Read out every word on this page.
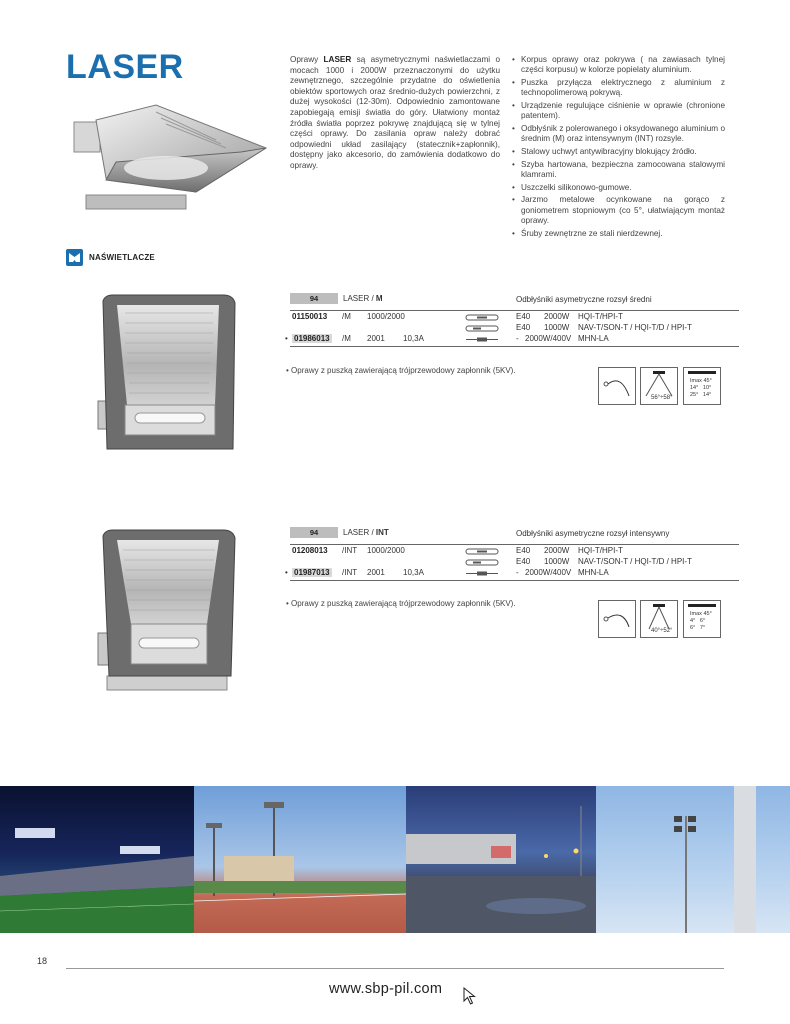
LASER	Oprawy LASER są asymetrycznymi naświetlaczami o mocach 1000 i 2000W przeznaczonymi do użytku zewnętrznego, szczególnie przydatne do oświetlenia obiektów sportowych oraz średnio-dużych powierzchni, z dużej wysokości (12-30m). Odpowiednio zamontowane zapobiegają emisji światła do góry. Ułatwiony montaż źródła światła poprzez pokrywę znajdującą się w tylnej części oprawy. Do zasilania opraw należy dobrać odpowiedni układ zasilający (statecznik+zapłonnik), dostępny jako akcesorio, do zamówienia dodatkowo do oprawy.
• Korpus oprawy oraz pokrywa ( na zawiasach tylnej części korpusu) w kolorze popielaty aluminium.
• Puszka przyłącza elektrycznego z aluminium z technopolimerową pokrywą.
• Urządzenie regulujące ciśnienie w oprawie (chronione patentem).
• Odbłyśnik z polerowanego i oksydowanego aluminium o średnim (M) oraz intensywnym (INT) rozsyle.
• Stalowy uchwyt antywibracyjny blokujący źródło.
• Szyba hartowana, bezpieczna zamocowana stalowymi klamrami.
• Uszczelki silikonowo-gumowe.
• Jarzmo metalowe ocynkowane na gorąco z goniometrem stopniowym (co 5°, ułatwiającym montaż oprawy.
• Śruby zewnętrzne ze stali nierdzewnej.
NAŚWIETLACZE
94	LASER / M	Odbłyśniki asymetryczne rozsył średni
01150013 /M 1000/2000	E40 2000W HQI-T/HPI-T
E40 1000W NAV-T/SON-T / HQI-T/D / HPI-T
• 01986013 /M 2001 10,3A	- 2000W/400V MHN-LA
• Oprawy z puszką zawierającą trójprzewodowy zapłonnik (5KV).
56°÷58°
Imax 45°
14° 10°
25° 14°
94	LASER / INT	Odbłyśniki asymetryczne rozsył intensywny
01208013 /INT 1000/2000	E40 2000W HQI-T/HPI-T
E40 1000W NAV-T/SON-T / HQI-T/D / HPI-T
• 01987013 /INT 2001 10,3A	- 2000W/400V MHN-LA
• Oprawy z puszką zawierającą trójprzewodowy zapłonnik (5KV).
40°÷52°
Imax 45°
4° 6°
6° 7°
18
www.sbp-pil.com
